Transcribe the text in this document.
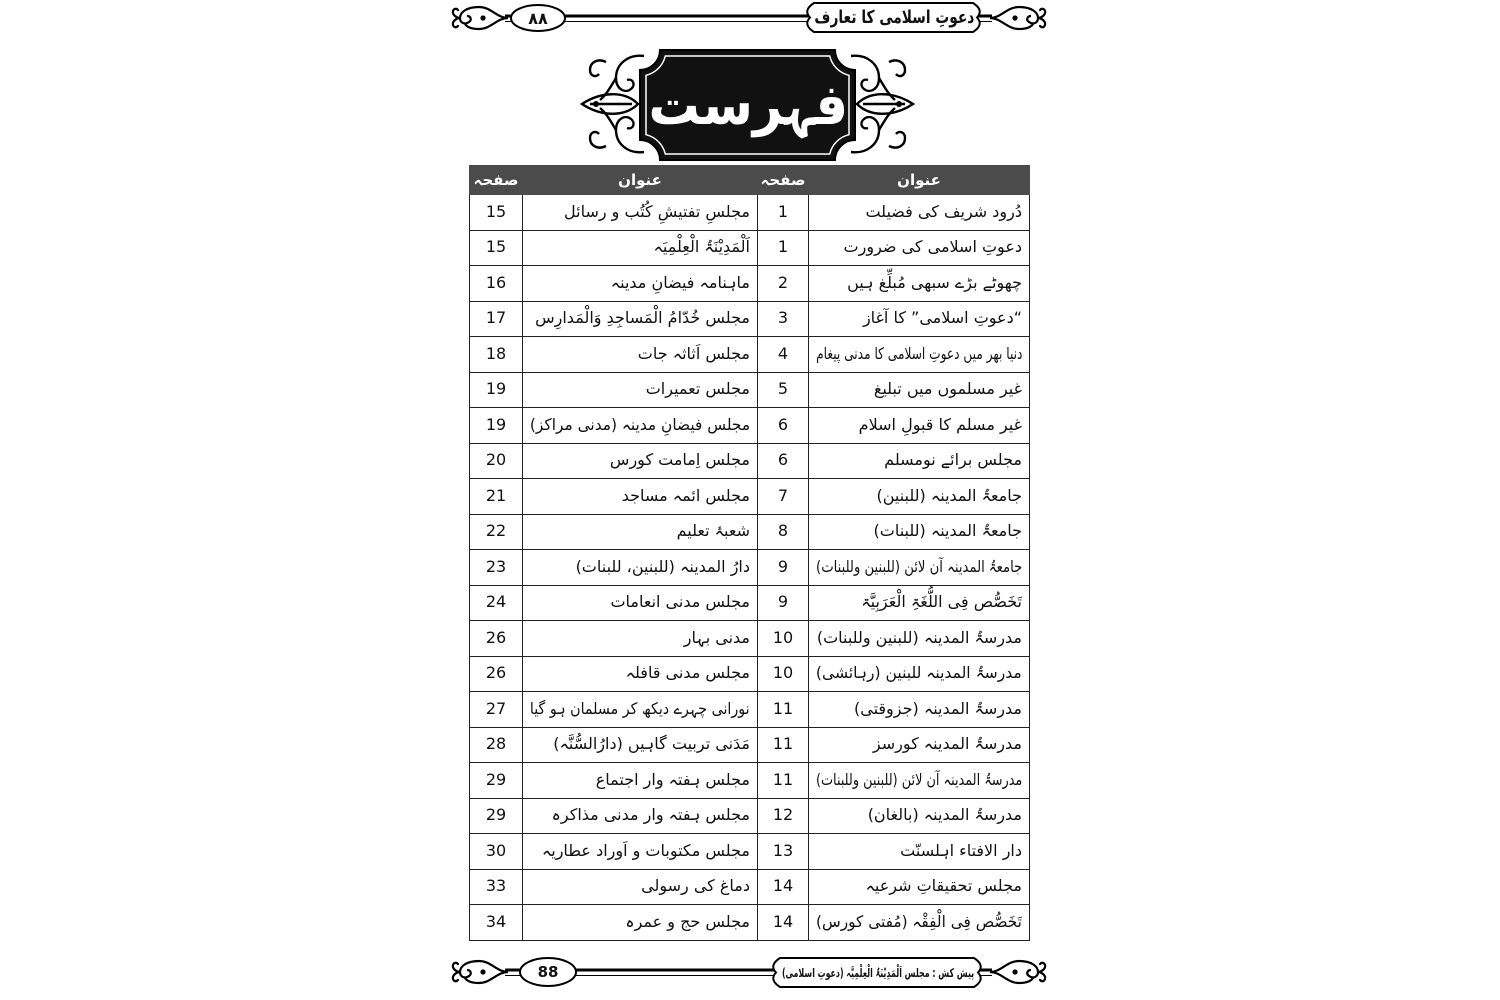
۸۸	دعوتِ اسلامی کا تعارف
فہرست
عنوان	صفحہ	عنوان	صفحہ
دُرود شریف کی فضیلت	1	مجلسِ تفتیشِ کُتُب و رسائل	15
دعوتِ اسلامی کی ضرورت	1	اَلْمَدِیْنَۃُ الْعِلْمِیَہ	15
چھوٹے بڑے سبھی مُبلِّغ ہیں	2	ماہنامہ فیضانِ مدینہ	16
“دعوتِ اسلامی” کا آغاز	3	مجلس خُدّامُ الْمَساجِدِ وَالْمَدارِس	17
دنیا بھر میں دعوتِ اسلامی کا مدنی پیغام	4	مجلس اَثاثہ جات	18
غیر مسلموں میں تبلیغ	5	مجلس تعمیرات	19
غیر مسلم کا قبولِ اسلام	6	مجلس فیضانِ مدینہ (مدنی مراکز)	19
مجلس برائے نومسلم	6	مجلس اِمامت کورس	20
جامعۃُ المدینہ (للبنین)	7	مجلس ائمہ مساجد	21
جامعۃُ المدینہ (للبنات)	8	شعبۂ تعلیم	22
جامعۃُ المدینہ آن لائن (للبنین وللبنات)	9	دارُ المدینہ (للبنین، للبنات)	23
تَخَصُّص فِی اللُّغَۃِ الْعَرَبِیَّۃ	9	مجلس مدنی انعامات	24
مدرسۃُ المدینہ (للبنین وللبنات)	10	مدنی بہار	26
مدرسۃُ المدینہ للبنین (رہائشی)	10	مجلس مدنی قافلہ	26
مدرسۃُ المدینہ (جزوقتی)	11	نورانی چہرے دیکھ کر مسلمان ہو گیا	27
مدرسۃُ المدینہ کورسز	11	مَدَنی تربیت گاہیں (دارُالسُّنَّہ)	28
مدرسۃُ المدینہ آن لائن (للبنین وللبنات)	11	مجلس ہفتہ وار اجتماع	29
مدرسۃُ المدینہ (بالغان)	12	مجلس ہفتہ وار مدنی مذاکرہ	29
دار الافتاء اہلسنّت	13	مجلس مکتوبات و اَوراد عطاریہ	30
مجلس تحقیقاتِ شرعیہ	14	دماغ کی رسولی	33
تَخَصُّص فِی الْفِقْہ (مُفتی کورس)	14	مجلس حج و عمرہ	34
88	پیش کش : مجلس اَلْمَدِیْنَۃُ الْعِلْمِیَّہ (دعوتِ اسلامی)
